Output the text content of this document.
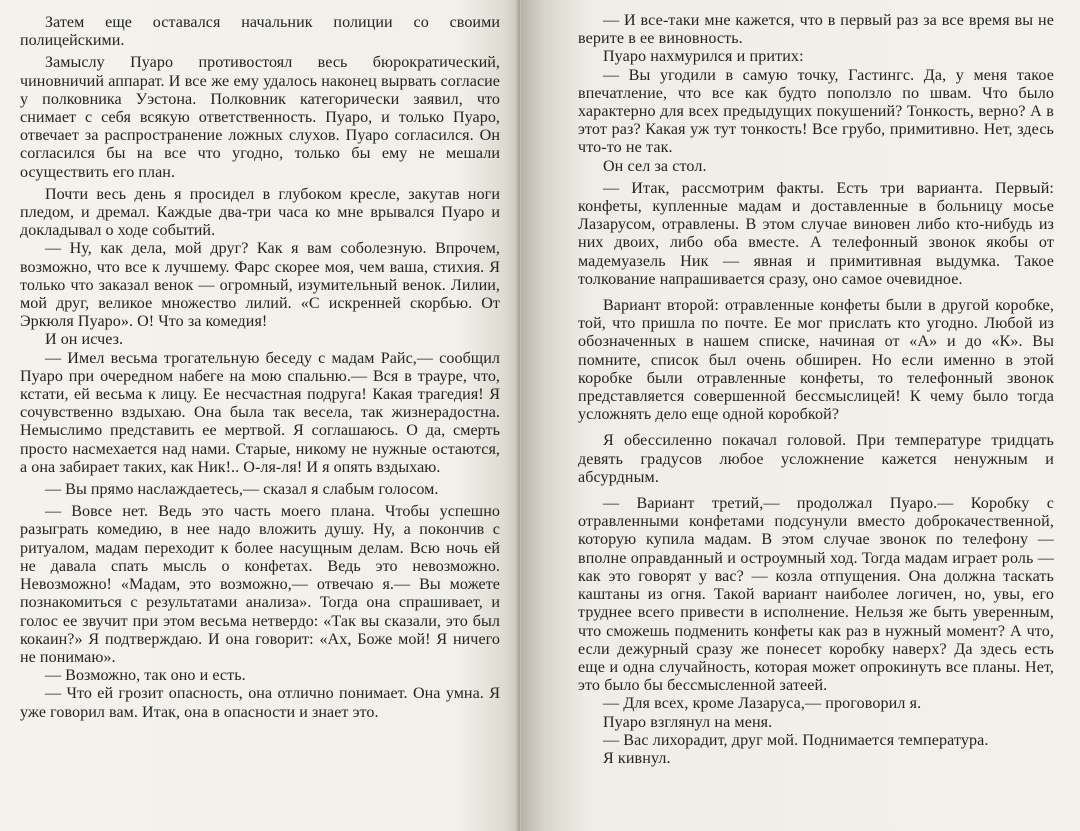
Затем еще оставался начальник полиции со своими полицейскими.

Замыслу Пуаро противостоял весь бюрократический, чиновничий аппарат. И все же ему удалось наконец вырвать согласие у полковника Уэстона. Полковник категорически заявил, что снимает с себя всякую ответственность. Пуаро, и только Пуаро, отвечает за распространение ложных слухов. Пуаро согласился. Он согласился бы на все что угодно, только бы ему не мешали осуществить его план.

Почти весь день я просидел в глубоком кресле, закутав ноги пледом, и дремал. Каждые два-три часа ко мне врывался Пуаро и докладывал о ходе событий.

— Ну, как дела, мой друг? Как я вам соболезную. Впрочем, возможно, что все к лучшему. Фарс скорее моя, чем ваша, стихия. Я только что заказал венок — огромный, изумительный венок. Лилии, мой друг, великое множество лилий. «С искренней скорбью. От Эркюля Пуаро». О! Что за комедия!

И он исчез.

— Имел весьма трогательную беседу с мадам Райс,— сообщил Пуаро при очередном набеге на мою спальню.— Вся в трауре, что, кстати, ей весьма к лицу. Ее несчастная подруга! Какая трагедия! Я сочувственно вздыхаю. Она была так весела, так жизнерадостна. Немыслимо представить ее мертвой. Я соглашаюсь. О да, смерть просто насмехается над нами. Старые, никому не нужные остаются, а она забирает таких, как Ник!.. О-ля-ля! И я опять вздыхаю.

— Вы прямо наслаждаетесь,— сказал я слабым голосом.

— Вовсе нет. Ведь это часть моего плана. Чтобы успешно разыграть комедию, в нее надо вложить душу. Ну, а покончив с ритуалом, мадам переходит к более насущным делам. Всю ночь ей не давала спать мысль о конфетах. Ведь это невозможно. Невозможно! «Мадам, это возможно,— отвечаю я.— Вы можете познакомиться с результатами анализа». Тогда она спрашивает, и голос ее звучит при этом весьма нетвердо: «Так вы сказали, это был кокаин?» Я подтверждаю. И она говорит: «Ах, Боже мой! Я ничего не понимаю».

— Возможно, так оно и есть.

— Что ей грозит опасность, она отлично понимает. Она умна. Я уже говорил вам. Итак, она в опасности и знает это.

— И все-таки мне кажется, что в первый раз за все время вы не верите в ее виновность.

Пуаро нахмурился и притих:

— Вы угодили в самую точку, Гастингс. Да, у меня такое впечатление, что все как будто поползло по швам. Что было характерно для всех предыдущих покушений? Тонкость, верно? А в этот раз? Какая уж тут тонкость! Все грубо, примитивно. Нет, здесь что-то не так.

Он сел за стол.

— Итак, рассмотрим факты. Есть три варианта. Первый: конфеты, купленные мадам и доставленные в больницу мосье Лазарусом, отравлены. В этом случае виновен либо кто-нибудь из них двоих, либо оба вместе. А телефонный звонок якобы от мадемуазель Ник — явная и примитивная выдумка. Такое толкование напрашивается сразу, оно самое очевидное.

Вариант второй: отравленные конфеты были в другой коробке, той, что пришла по почте. Ее мог прислать кто угодно. Любой из обозначенных в нашем списке, начиная от «А» и до «К». Вы помните, список был очень обширен. Но если именно в этой коробке были отравленные конфеты, то телефонный звонок представляется совершенной бессмыслицей! К чему было тогда усложнять дело еще одной коробкой?

Я обессиленно покачал головой. При температуре тридцать девять градусов любое усложнение кажется ненужным и абсурдным.

— Вариант третий,— продолжал Пуаро.— Коробку с отравленными конфетами подсунули вместо доброкачественной, которую купила мадам. В этом случае звонок по телефону — вполне оправданный и остроумный ход. Тогда мадам играет роль — как это говорят у вас? — козла отпущения. Она должна таскать каштаны из огня. Такой вариант наиболее логичен, но, увы, его труднее всего привести в исполнение. Нельзя же быть уверенным, что сможешь подменить конфеты как раз в нужный момент? А что, если дежурный сразу же понесет коробку наверх? Да здесь есть еще и одна случайность, которая может опрокинуть все планы. Нет, это было бы бессмысленной затеей.

— Для всех, кроме Лазаруса,— проговорил я.

Пуаро взглянул на меня.

— Вас лихорадит, друг мой. Поднимается температура.

Я кивнул.
